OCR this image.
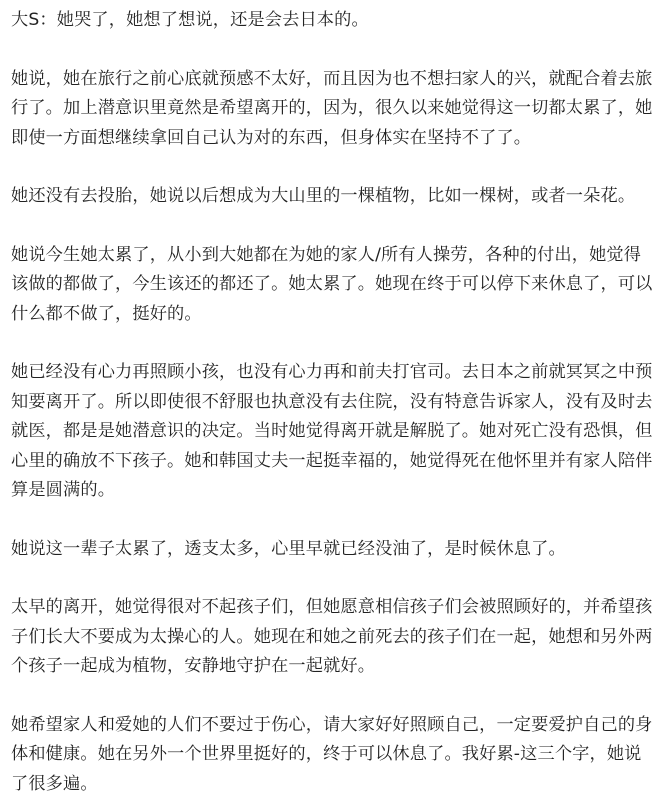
大S：她哭了，她想了想说，还是会去日本的。

她说，她在旅行之前心底就预感不太好，而且因为也不想扫家人的兴，就配合着去旅行了。加上潜意识里竟然是希望离开的，因为，很久以来她觉得这一切都太累了，她即使一方面想继续拿回自己认为对的东西，但身体实在坚持不了了。

她还没有去投胎，她说以后想成为大山里的一棵植物，比如一棵树，或者一朵花。

她说今生她太累了，从小到大她都在为她的家人/所有人操劳，各种的付出，她觉得该做的都做了，今生该还的都还了。她太累了。她现在终于可以停下来休息了，可以什么都不做了，挺好的。

她已经没有心力再照顾小孩，也没有心力再和前夫打官司。去日本之前就冥冥之中预知要离开了。所以即使很不舒服也执意没有去住院，没有特意告诉家人，没有及时去就医，都是是她潜意识的决定。当时她觉得离开就是解脱了。她对死亡没有恐惧，但心里的确放不下孩子。她和韩国丈夫一起挺幸福的，她觉得死在他怀里并有家人陪伴算是圆满的。

她说这一辈子太累了，透支太多，心里早就已经没油了，是时候休息了。

太早的离开，她觉得很对不起孩子们，但她愿意相信孩子们会被照顾好的，并希望孩子们长大不要成为太操心的人。她现在和她之前死去的孩子们在一起，她想和另外两个孩子一起成为植物，安静地守护在一起就好。

她希望家人和爱她的人们不要过于伤心，请大家好好照顾自己，一定要爱护自己的身体和健康。她在另外一个世界里挺好的，终于可以休息了。我好累-这三个字，她说了很多遍。
